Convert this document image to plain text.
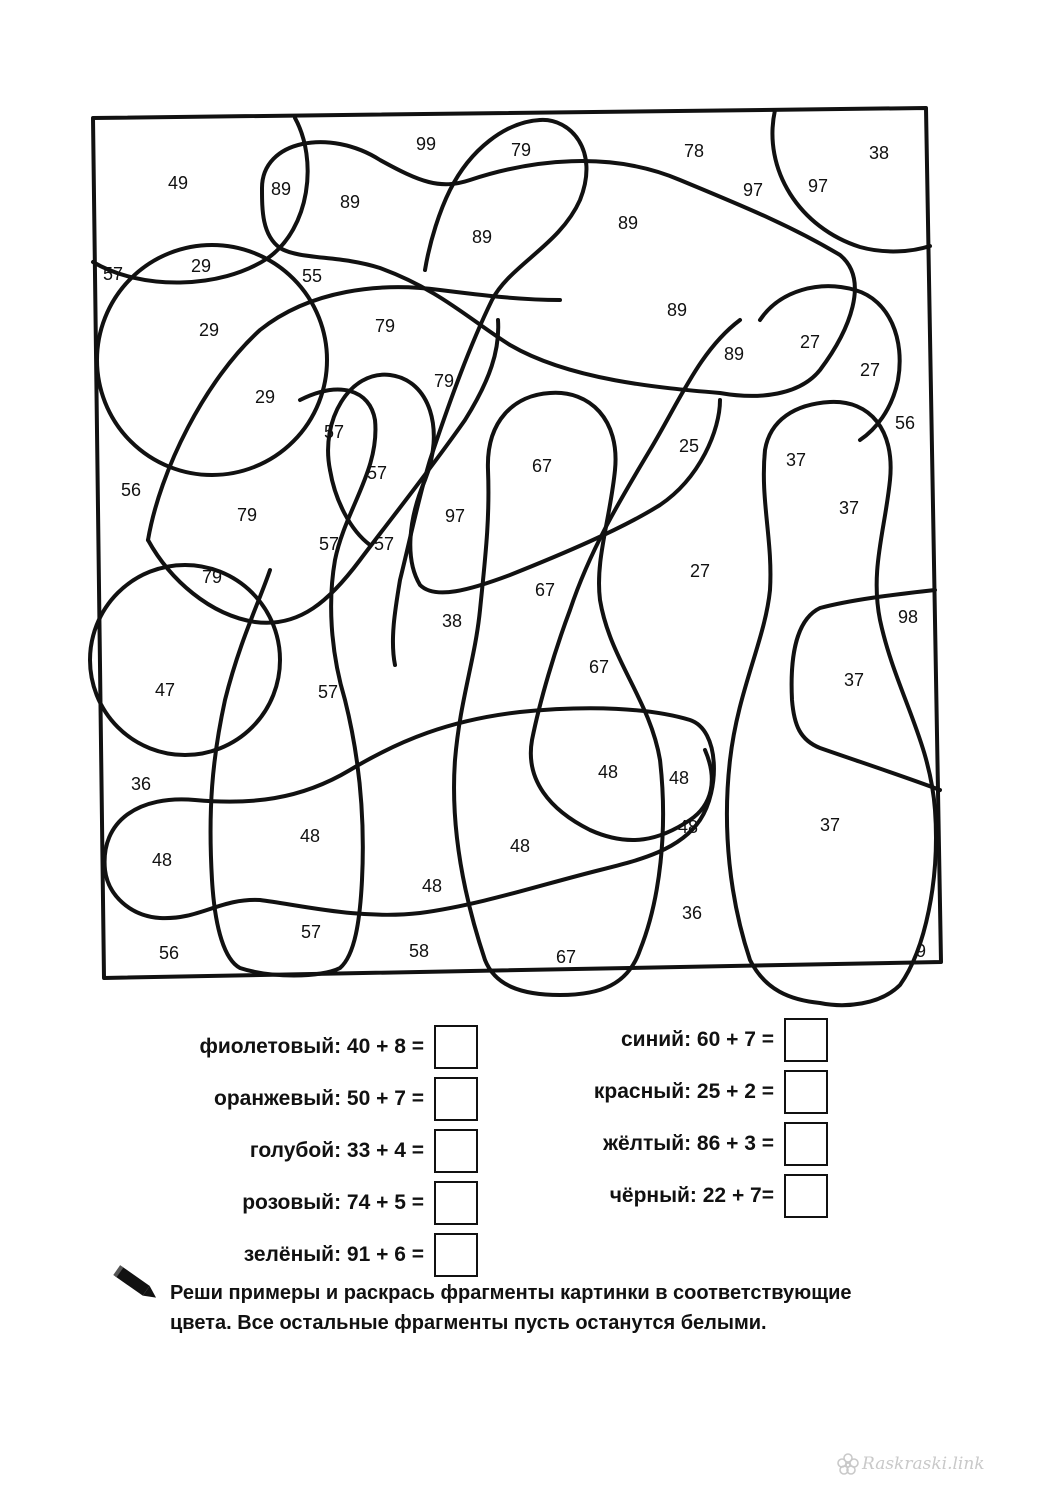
49	89
89
99	79	78
97 97
38
89
89
57	29	55
29	79
89
29
79
89
27
27
57
57	67
25
37
56
56
79	97	37
57 57
79
67
27
98
38
67
47	57
37
36
48	48
48	48	37
48
48
48
36
57
56	58	67	9
фиолетовый: 40 + 8 =
оранжевый: 50 + 7 =
голубой: 33 + 4 =
розовый: 74 + 5 =
зелёный: 91 + 6 =
синий: 60 + 7 =
красный: 25 + 2 =
жёлтый: 86 + 3 =
чёрный: 22 + 7=
Реши примеры и раскрась фрагменты картинки в соответствующие
цвета. Все остальные фрагменты пусть останутся белыми.
Raskraski.link
